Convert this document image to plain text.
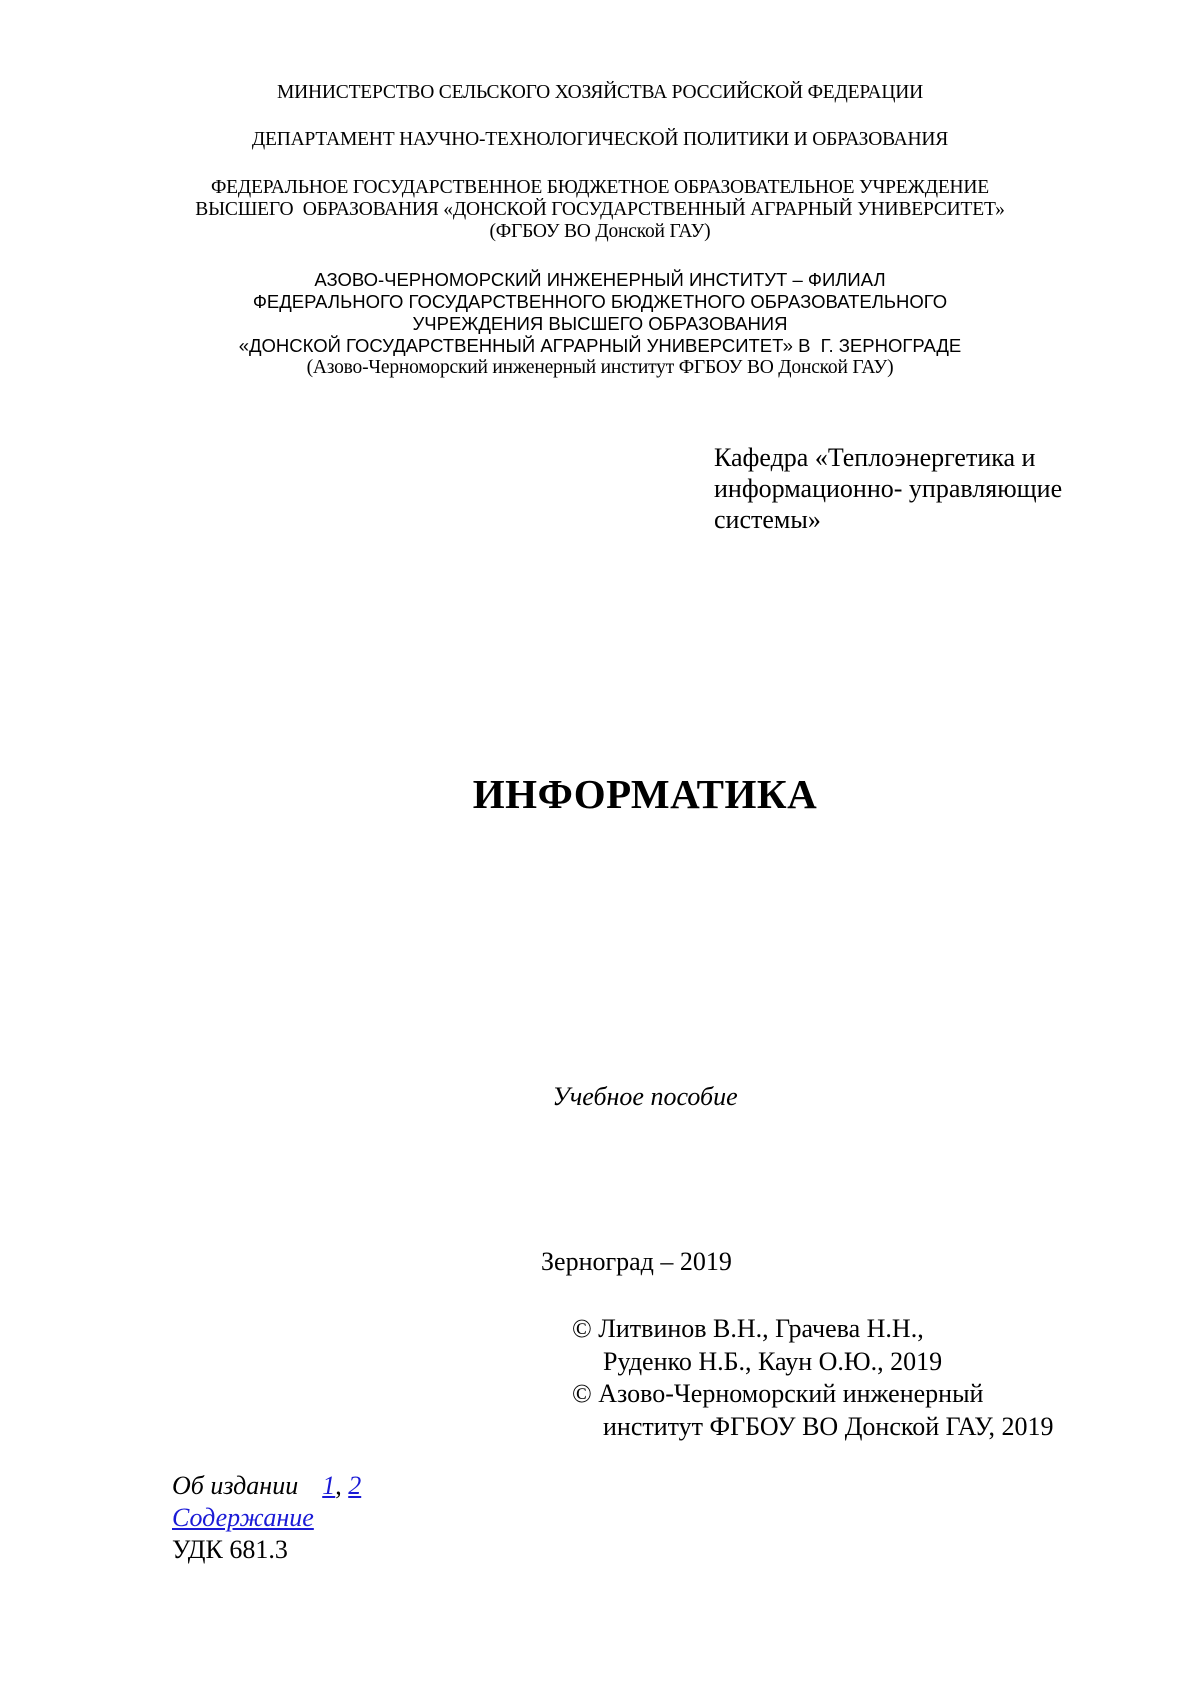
МИНИСТЕРСТВО СЕЛЬСКОГО ХОЗЯЙСТВА РОССИЙСКОЙ ФЕДЕРАЦИИ
ДЕПАРТАМЕНТ НАУЧНО-ТЕХНОЛОГИЧЕСКОЙ ПОЛИТИКИ И ОБРАЗОВАНИЯ
ФЕДЕРАЛЬНОЕ ГОСУДАРСТВЕННОЕ БЮДЖЕТНОЕ ОБРАЗОВАТЕЛЬНОЕ УЧРЕЖДЕНИЕ
ВЫСШЕГО  ОБРАЗОВАНИЯ «ДОНСКОЙ ГОСУДАРСТВЕННЫЙ АГРАРНЫЙ УНИВЕРСИТЕТ»
(ФГБОУ ВО Донской ГАУ)
АЗОВО-ЧЕРНОМОРСКИЙ ИНЖЕНЕРНЫЙ ИНСТИТУТ – ФИЛИАЛ
ФЕДЕРАЛЬНОГО ГОСУДАРСТВЕННОГО БЮДЖЕТНОГО ОБРАЗОВАТЕЛЬНОГО
УЧРЕЖДЕНИЯ ВЫСШЕГО ОБРАЗОВАНИЯ
«ДОНСКОЙ ГОСУДАРСТВЕННЫЙ АГРАРНЫЙ УНИВЕРСИТЕТ» В  Г. ЗЕРНОГРАДЕ
(Азово-Черноморский инженерный институт ФГБОУ ВО Донской ГАУ)
Кафедра «Теплоэнергетика и
информационно- управляющие
системы»
ИНФОРМАТИКА
Учебное пособие
Зерноград – 2019
© Литвинов В.Н., Грачева Н.Н.,
Руденко Н.Б., Каун О.Ю., 2019
© Азово-Черноморский инженерный
институт ФГБОУ ВО Донской ГАУ, 2019
Об издании 1, 2
Содержание
УДК 681.3
